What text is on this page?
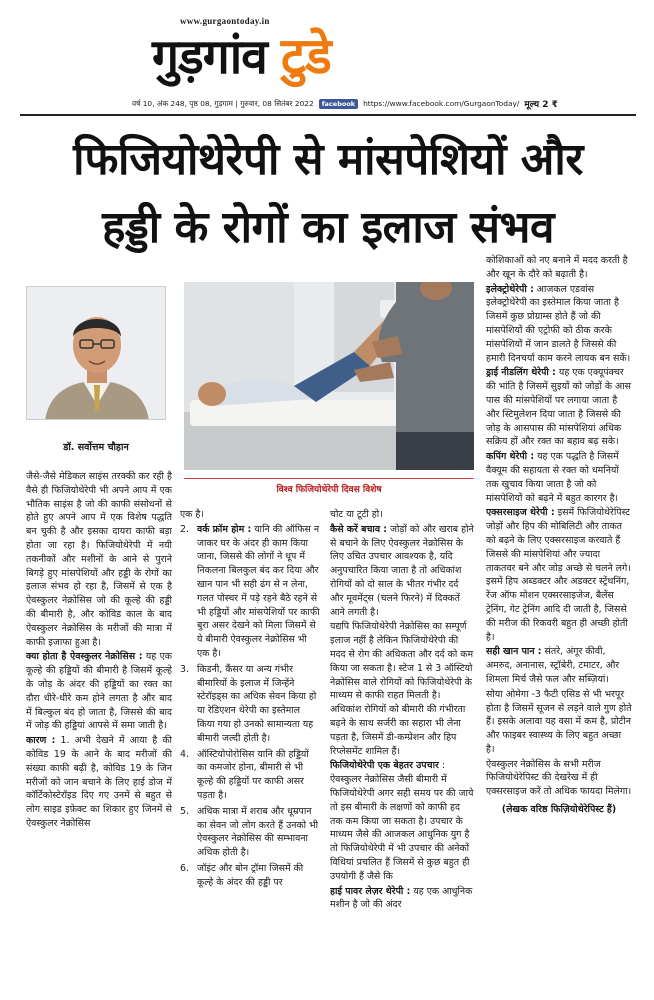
www.gurgaontoday.in
गुड़गांव टुडे
वर्ष 10, अंक 248, पृष्ठ 08, गुड़गाम | गुरुवार, 08 सितंबर 2022	facebook	https://www.facebook.com/GurgaonToday/ मूल्य 2 ₹
फिजियोथेरेपी से मांसपेशियों और
हड्डी के रोगों का इलाज संभव
डॉ. सर्वोत्तम चौहान
विश्व फिजियोथेरेपी दिवस विशेष

जैसे-जैसे मेडिकल साइंस तरक्की कर रही है वैसे ही फिजियोथेरेपी भी अपने आप में एक भौतिक साइंस है जो की काफी संसोधनों से होते हुए अपने आप में एक विशेष पद्धति बन चुकी है और इसका दायरा काफी बड़ा होता जा रहा है। फिजियोथेरेपी में नयी तकनीकों और मशीनों के आने से पुराने बिगड़े हुए मांसपेशियों और हड्डी के रोगों का इलाज संभव हो रहा है, जिसमें से एक है ऐवस्कुलर नेक्रोसिस जो की कूल्हे की हड्डी की बीमारी है, और कोविड काल के बाद ऐवस्कुलर नेक्रोसिस के मरीजों की मात्रा में काफी इजाफा हुआ है।

क्या होता है ऐवस्कुलर नेक्रोसिस : यह एक कूल्हे की हड्डियों की बीमारी है जिसमें कूल्हे के जोड़ के अंदर की हड्डियों का रक्त का दौरा धीरे-धीरे कम होने लगता है और बाद में बिल्कुल बंद हो जाता है, जिससे की बाद में जोड़ की हड्डियां आपसे में समा जाती है।

कारण : 1. अभी देखने में आया है की कोविड 19 के आने के बाद मरीजों की संख्या काफी बढ़ी है, कोविड 19 के जिन मरीजों को जान बचाने के लिए हाई डोज में कॉर्टिकोस्टेरॉइड दिए गए उनमें से बहुत से लोग साइड इफ़ेक्ट का शिकार हुए जिनमें से ऐवस्कुलर नेक्रोसिस

एक है।

2. वर्क फ्रॉम होम : यानि की ऑफिस न जाकर घर के अंदर ही काम किया जाना, जिससे की लोगों ने धूप में निकलना बिलकुल बंद कर दिया और खान पान भी सही ढंग से न लेना, गलत पोस्चर में पड़े रहने बैठे रहने से भी हड्डियों और मांसपेशियों पर काफी बुरा असर देखने को मिला जिसमें से ये बीमारी ऐवस्कुलर नेक्रोसिस भी एक है।
3. किडनी, कैंसर या अन्य गंभीर बीमारियों के इलाज में जिन्हेंने स्टेरॉइड्स का अधिक सेवन किया हो या रेडिएशन थेरेपी का इस्तेमाल किया गया हो उनको सामान्यता यह बीमारी जल्दी होती है।
4. ऑस्टियोपोरोसिस यानि की हड्डियों का कमजोर होना, बीमारी से भी कूल्हे की हड्डियों पर काफी असर पड़ता है।
5. अधिक मात्रा में शराब और धूम्रपान का सेवन जो लोग करते हैं उनको भी ऐवस्कुलर नेक्रोसिस की सम्भावना अधिक होती है।
6. जॉइंट और बोन ट्रॉमा जिसमें की कूल्हे के अंदर की हड्डी पर

चोट या टूटी हो।

कैसे करें बचाव : जोड़ों को और खराब होने से बचाने के लिए ऐवस्कुलर नेक्रोसिस के लिए उचित उपचार आवश्यक है, यदि अनुपचारित किया जाता है तो अधिकांश रोगियों को दो साल के भीतर गंभीर दर्द और मूवमेंट्स (चलने फिरने) में दिक्कतें आने लगती है।

यद्यपि फिजियोथेरेपी नेक्रोसिस का सम्पूर्ण इलाज नहीं है लेकिन फिजियोथेरेपी की मदद से रोग की अधिकता और दर्द को कम किया जा सकता है। स्टेज 1 से 3 ऑस्टियो नेक्रोसिस वाले रोगियों को फिजियोथेरेपी के माध्यम से काफी राहत मिलती है। अधिकांश रोगियों को बीमारी की गंभीरता बढ़ने के साथ सर्जरी का सहारा भी लेना पड़ता है, जिसमें डी-कम्प्रेशन और हिप रिप्लेसमेंट शामिल हैं।

फिजियोथेरेपी एक बेहतर उपचार : ऐवस्कुलर नेक्रोसिस जैसी बीमारी में फिजियोथेरेपी अगर सही समय पर की जाये तो इस बीमारी के लक्षणों को काफी हद तक कम किया जा सकता है। उपचार के माध्यम जैसे की आजकल आधुनिक युग है तो फिजियोथेरेपी में भी उपचार की अनेकों विधियां प्रचलित हैं जिसमें से कुछ बहुत ही उपयोगी हैं जैसे कि

हाई पावर लेज़र थेरेपी : यह एक आधुनिक मशीन है जो की अंदर

कोशिकाओं को नए बनाने में मदद करती है और खून के दौरे को बढ़ाती है।

इलेक्ट्रोथेरेपी : आजकल एडवांस इलेक्ट्रोथेरेपी का इस्तेमाल किया जाता है जिसमें कुछ प्रोग्राम्स होते हैं जो की मांसपेशियों की एट्रोफी को ठीक करके मांसपेशियों में जान डालते है जिससे की हमारी दिनचर्या काम करने लायक बन सकें।

ड्राई नीडलिंग थेरेपी : यह एक एक्यूपंक्चर की भांति है जिसमें सुइयों को जोड़ों के आस पास की मांसपेशियों पर लगाया जाता है और स्टिमुलेशन दिया जाता है जिससे की जोड़ के आसपास की मांसपेशियां अधिक सक्रिय हों और रक्त का बहाव बढ़ सके।

कपिंग थेरेपी : यह एक पद्धति है जिसमें वैक्यूम की सहायता से रक्त को धमनियों तक खुचाव किया जाता है जो को मांसपेशियों को बढ़ने में बहुत कारगर है।

एक्सरसाइज थेरेपी : इसमें फिजियोथेरेपिस्ट जोड़ों और हिप की मोबिलिटी और ताकत को बढ़ने के लिए एक्सरसाइज करवाते हैं जिससे की मांसपेशियां और ज्यादा ताकतवर बने और जोड़ अच्छे से चलने लगे। इसमें हिप अब्डक्टर और अडक्टर स्ट्रेंथनिंग, रेंज ऑफ मोशन एक्सरसाइजेज, बैलेंस ट्रेनिंग, गेट ट्रेनिंग आदि दी जाती है, जिससे की मरीज की रिकवरी बहुत ही अच्छी होती है।

सही खान पान : संतरे, अंगूर कीवी, अमरुद, अनानास, स्ट्रॉबेरी, टमाटर, और शिमला मिर्च जैसे फल और सब्ज़ियां।

सोया ओमेगा -3 फैटी एसिड से भी भरपूर होता है जिसमें सूजन से लड़ने वाले गुण होते हैं। इसके अलावा यह वसा में कम है, प्रोटीन और फाइबर स्वास्थ्य के लिए बहुत अच्छा है।

ऐवस्कुलर नेक्रोसिस के सभी मरीज फिजियोथेरेपिस्ट की देखरेख में ही एक्सरसाइज करें तो अधिक फायदा मिलेगा।

(लेखक वरिष्ठ फिज़ियोथेरेपिस्ट हैं)
